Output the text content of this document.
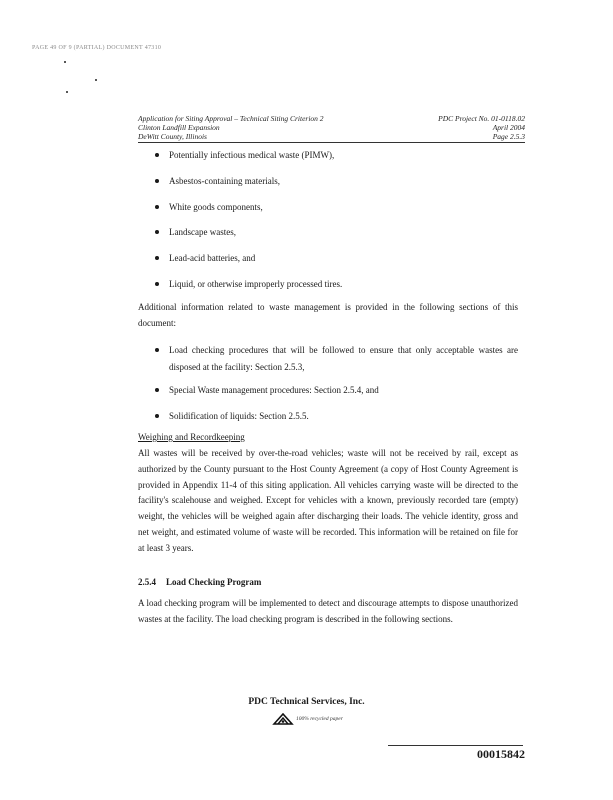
PAGE 49 OF 9 (PARTIAL) DOCUMENT 47310
Application for Siting Approval – Technical Siting Criterion 2
Clinton Landfill Expansion
DeWitt County, Illinois
PDC Project No. 01-0118.02
April 2004
Page 2.5.3
Potentially infectious medical waste (PIMW),
Asbestos-containing materials,
White goods components,
Landscape wastes,
Lead-acid batteries, and
Liquid, or otherwise improperly processed tires.
Additional information related to waste management is provided in the following sections of this document:
Load checking procedures that will be followed to ensure that only acceptable wastes are disposed at the facility: Section 2.5.3,
Special Waste management procedures: Section 2.5.4, and
Solidification of liquids: Section 2.5.5.
Weighing and Recordkeeping
All wastes will be received by over-the-road vehicles; waste will not be received by rail, except as authorized by the County pursuant to the Host County Agreement (a copy of Host County Agreement is provided in Appendix 11-4 of this siting application. All vehicles carrying waste will be directed to the facility's scalehouse and weighed. Except for vehicles with a known, previously recorded tare (empty) weight, the vehicles will be weighed again after discharging their loads. The vehicle identity, gross and net weight, and estimated volume of waste will be recorded. This information will be retained on file for at least 3 years.
2.5.4 Load Checking Program
A load checking program will be implemented to detect and discourage attempts to dispose unauthorized wastes at the facility. The load checking program is described in the following sections.
PDC Technical Services, Inc.
100% recycled paper
00015842
